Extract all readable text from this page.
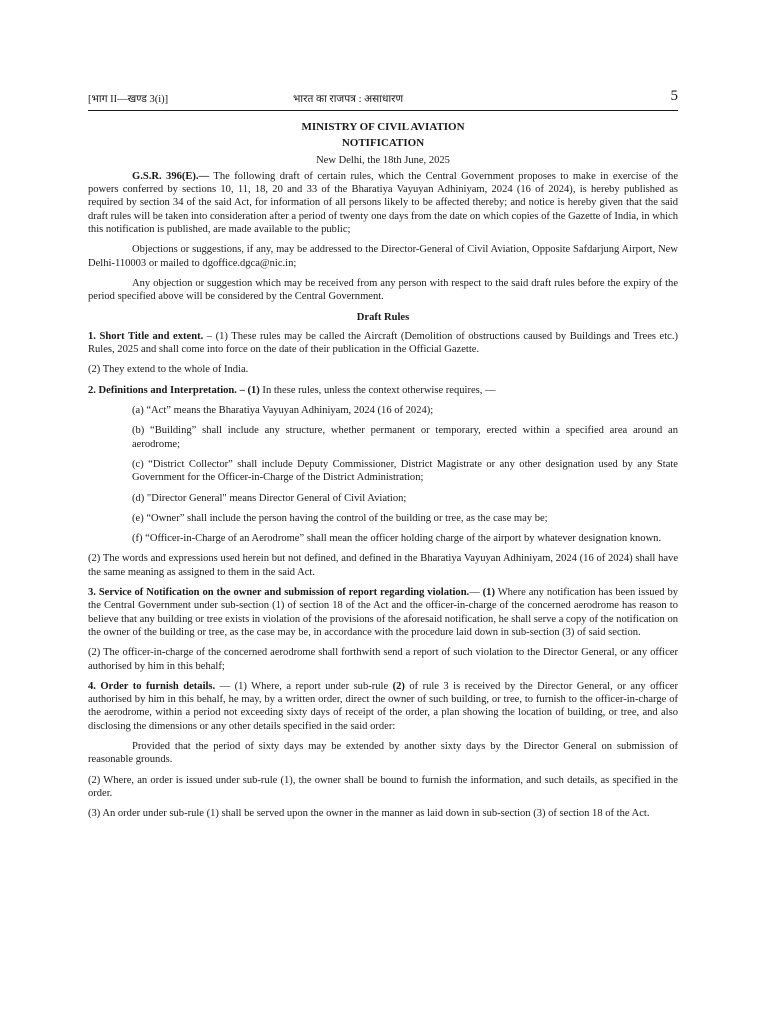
[भाग II—खण्ड 3(i)]	भारत का राजपत्र : असाधारण	5
MINISTRY OF CIVIL AVIATION
NOTIFICATION
New Delhi, the 18th June, 2025

G.S.R. 396(E).— The following draft of certain rules, which the Central Government proposes to make in exercise of the powers conferred by sections 10, 11, 18, 20 and 33 of the Bharatiya Vayuyan Adhiniyam, 2024 (16 of 2024), is hereby published as required by section 34 of the said Act, for information of all persons likely to be affected thereby; and notice is hereby given that the said draft rules will be taken into consideration after a period of twenty one days from the date on which copies of the Gazette of India, in which this notification is published, are made available to the public;

Objections or suggestions, if any, may be addressed to the Director-General of Civil Aviation, Opposite Safdarjung Airport, New Delhi-110003 or mailed to dgoffice.dgca@nic.in;

Any objection or suggestion which may be received from any person with respect to the said draft rules before the expiry of the period specified above will be considered by the Central Government.

Draft Rules

1. Short Title and extent. – (1) These rules may be called the Aircraft (Demolition of obstructions caused by Buildings and Trees etc.) Rules, 2025 and shall come into force on the date of their publication in the Official Gazette.

(2) They extend to the whole of India.

2. Definitions and Interpretation. – (1) In these rules, unless the context otherwise requires, —

(a) “Act” means the Bharatiya Vayuyan Adhiniyam, 2024 (16 of 2024);

(b) “Building” shall include any structure, whether permanent or temporary, erected within a specified area around an aerodrome;

(c) “District Collector” shall include Deputy Commissioner, District Magistrate or any other designation used by any State Government for the Officer-in-Charge of the District Administration;

(d) "Director General" means Director General of Civil Aviation;

(e) “Owner” shall include the person having the control of the building or tree, as the case may be;

(f) “Officer-in-Charge of an Aerodrome” shall mean the officer holding charge of the airport by whatever designation known.

(2) The words and expressions used herein but not defined, and defined in the Bharatiya Vayuyan Adhiniyam, 2024 (16 of 2024) shall have the same meaning as assigned to them in the said Act.

3. Service of Notification on the owner and submission of report regarding violation.— (1) Where any notification has been issued by the Central Government under sub-section (1) of section 18 of the Act and the officer-in-charge of the concerned aerodrome has reason to believe that any building or tree exists in violation of the provisions of the aforesaid notification, he shall serve a copy of the notification on the owner of the building or tree, as the case may be, in accordance with the procedure laid down in sub-section (3) of said section.

(2) The officer-in-charge of the concerned aerodrome shall forthwith send a report of such violation to the Director General, or any officer authorised by him in this behalf;

4. Order to furnish details. — (1) Where, a report under sub-rule (2) of rule 3 is received by the Director General, or any officer authorised by him in this behalf, he may, by a written order, direct the owner of such building, or tree, to furnish to the officer-in-charge of the aerodrome, within a period not exceeding sixty days of receipt of the order, a plan showing the location of building, or tree, and also disclosing the dimensions or any other details specified in the said order:

Provided that the period of sixty days may be extended by another sixty days by the Director General on submission of reasonable grounds.

(2) Where, an order is issued under sub-rule (1), the owner shall be bound to furnish the information, and such details, as specified in the order.

(3) An order under sub-rule (1) shall be served upon the owner in the manner as laid down in sub-section (3) of section 18 of the Act.
